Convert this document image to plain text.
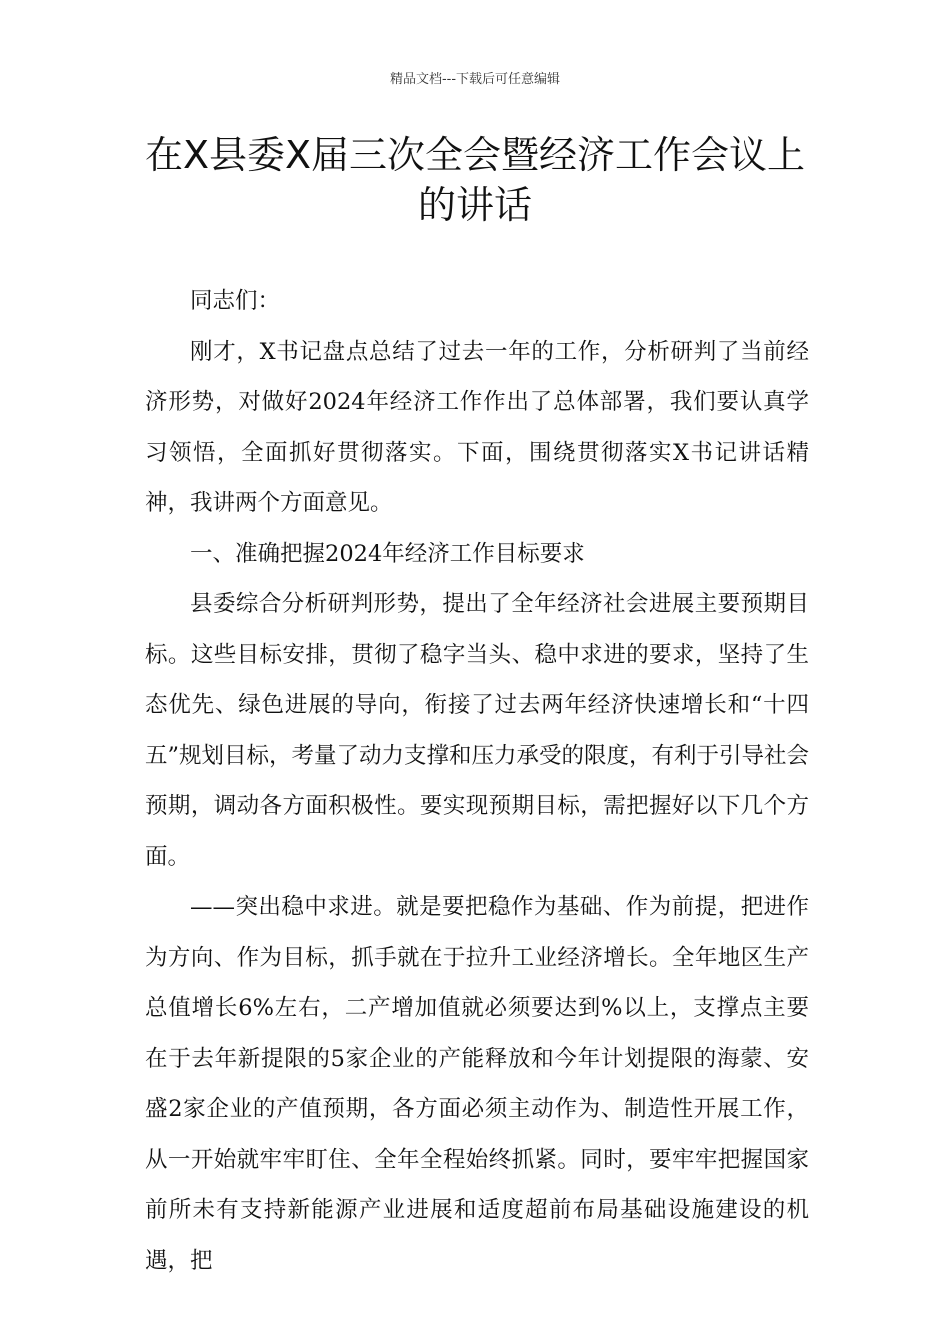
精品文档---下载后可任意编辑
在X县委X届三次全会暨经济工作会议上的讲话

同志们：

刚才，X书记盘点总结了过去一年的工作，分析研判了当前经济形势，对做好2024年经济工作作出了总体部署，我们要认真学习领悟，全面抓好贯彻落实。下面，围绕贯彻落实X书记讲话精神，我讲两个方面意见。

一、准确把握2024年经济工作目标要求

县委综合分析研判形势，提出了全年经济社会进展主要预期目标。这些目标安排，贯彻了稳字当头、稳中求进的要求，坚持了生态优先、绿色进展的导向，衔接了过去两年经济快速增长和“十四五”规划目标，考量了动力支撑和压力承受的限度，有利于引导社会预期，调动各方面积极性。要实现预期目标，需把握好以下几个方面。

——突出稳中求进。就是要把稳作为基础、作为前提，把进作为方向、作为目标，抓手就在于拉升工业经济增长。全年地区生产总值增长6%左右，二产增加值就必须要达到%以上，支撑点主要在于去年新提限的5家企业的产能释放和今年计划提限的海蒙、安盛2家企业的产值预期，各方面必须主动作为、制造性开展工作，从一开始就牢牢盯住、全年全程始终抓紧。同时，要牢牢把握国家前所未有支持新能源产业进展和适度超前布局基础设施建设的机遇，把
